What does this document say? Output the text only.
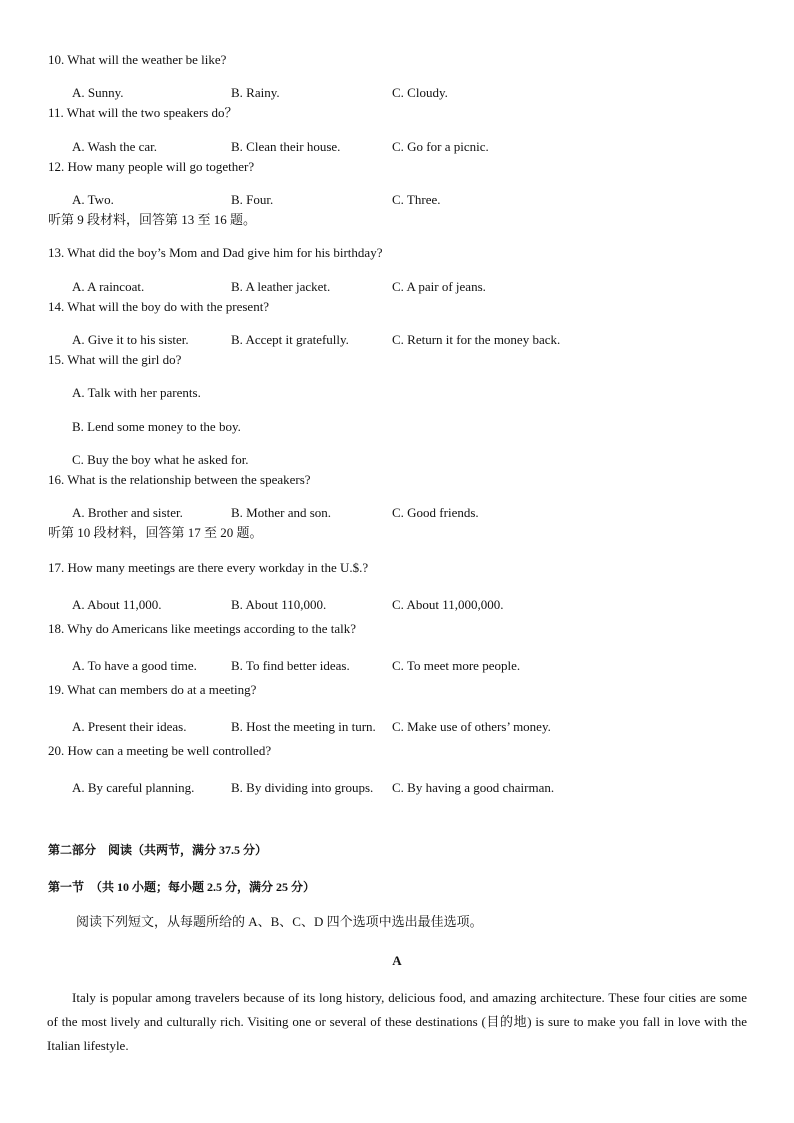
10. What will the weather be like?
A. Sunny.	B. Rainy.	C. Cloudy.
11. What will the two speakers do？
A. Wash the car.	B. Clean their house.	C. Go for a picnic.
12. How many people will go together?
A. Two.	B. Four.	C. Three.
听第 9 段材料，回答第 13 至 16 题。
13. What did the boy’s Mom and Dad give him for his birthday?
A. A raincoat.	B. A leather jacket.	C. A pair of jeans.
14. What will the boy do with the present?
A. Give it to his sister.	B. Accept it gratefully.	C. Return it for the money back.
15. What will the girl do?
A. Talk with her parents.
B. Lend some money to the boy.
C. Buy the boy what he asked for.
16. What is the relationship between the speakers?
A. Brother and sister.	B. Mother and son.	C. Good friends.
听第 10 段材料，回答第 17 至 20 题。
17. How many meetings are there every workday in the U.$.?
A. About 11,000.	B. About 110,000.	C. About 11,000,000.
18. Why do Americans like meetings according to the talk?
A. To have a good time.	B. To find better ideas.	C. To meet more people.
19. What can members do at a meeting?
A. Present their ideas.	B. Host the meeting in turn. C. Make use of others’ money.
20. How can a meeting be well controlled?
A. By careful planning.	B. By dividing into groups. C. By having a good chairman.
第二部分　阅读（共两节，满分 37.5 分）
第一节　（共 10 小题；每小题 2.5 分，满分 25 分）
阅读下列短文，从每题所给的 A、B、C、D 四个选项中选出最佳选项。
A
Italy is popular among travelers because of its long history, delicious food, and amazing architecture. These four cities are some of the most lively and culturally rich. Visiting one or several of these destinations (目的地) is sure to make you fall in love with the Italian lifestyle.
